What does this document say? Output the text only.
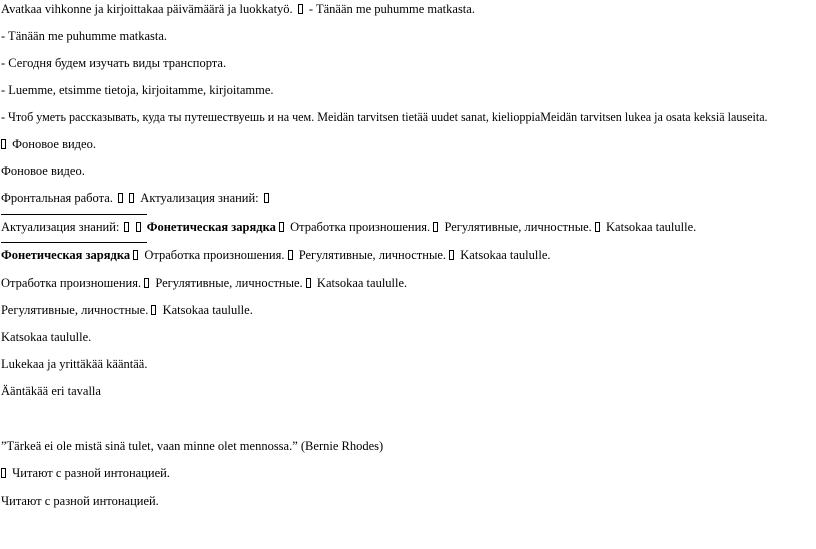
Avatkaa vihkonne ja kirjoittakaa päivämäärä ja luokkatyö. - Tänään me puhumme matkasta.
- Tänään me puhumme matkasta.
- Сегодня будем изучать виды транспорта.
- Luemme, etsimme tietoja, kirjoitamme, kirjoitamme.
- Чтоб уметь рассказывать, куда ты путешествуешь и на чем. Meidän tarvitsen tietää uudet sanat, kielioppiaMeidän tarvitsen lukea ja osata keksiä lauseita.
Фоновое видео.
Фоновое видео.
Фронтальная работа. Актуализация знаний:
Актуализация знаний: Фонетическая зарядка Отработка произношения. Регулятивные, личностные. Katsokaa taululle.
Фонетическая зарядка Отработка произношения. Регулятивные, личностные. Katsokaa taululle.
Отработка произношения. Регулятивные, личностные. Katsokaa taululle.
Регулятивные, личностные. Katsokaa taululle.
Katsokaa taululle.
Lukekaa ja yrittäkää kääntää.
Ääntäkää eri tavalla
”Tärkeä ei ole mistä sinä tulet, vaan minne olet mennossa.” (Bernie Rhodes)
Читают с разной интонацией.
Читают с разной интонацией.
